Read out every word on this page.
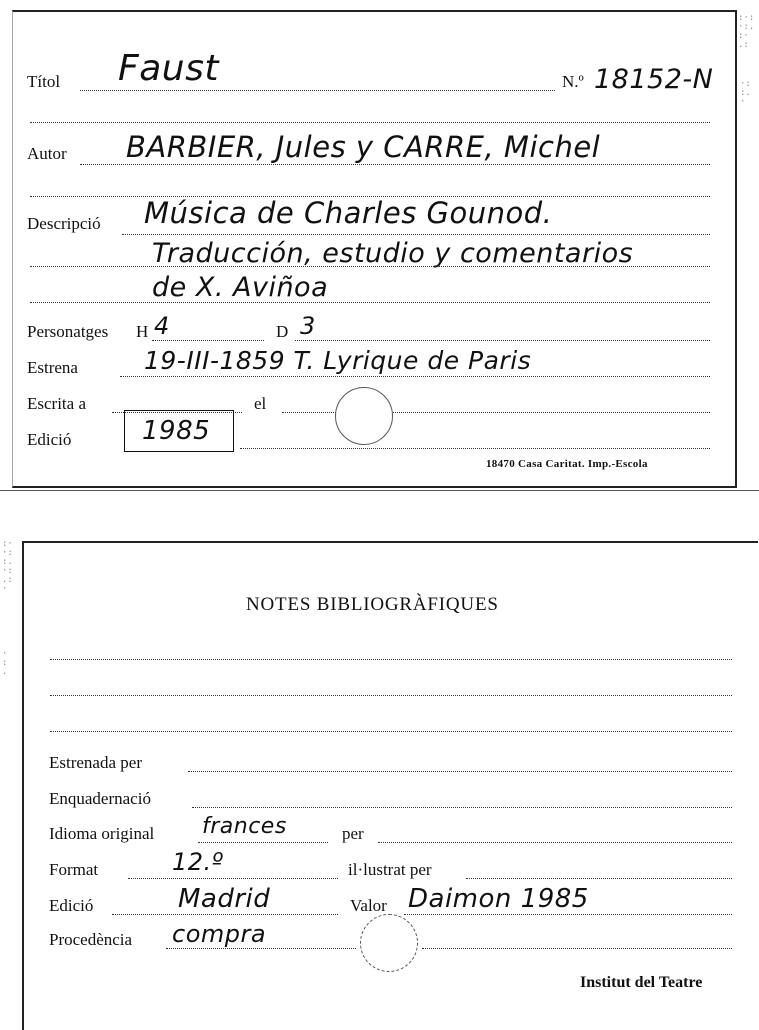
:·:
·:.
:·
.:
·:
:.
·
:·
·:
:.
·:
.:
·
·
:
.
Títol Faust	N.º 18152-N
Autor BARBIER, Jules y CARRE, Michel
Descripció Música de Charles Gounod.
Traducción, estudio y comentarios
de X. Aviñoa
Personatges H 4	D 3
Estrena	19-III-1859 T. Lyrique de Paris
Escrita a	el
Edició	1985
18470 Casa Caritat. Imp.-Escola
NOTES BIBLIOGRÀFIQUES
Estrenada per
Enquadernació
Idioma original frances	per
Format	12.º	il·lustrat per
Edició	Madrid	Valor Daimon 1985
Procedència compra
Institut del Teatre
